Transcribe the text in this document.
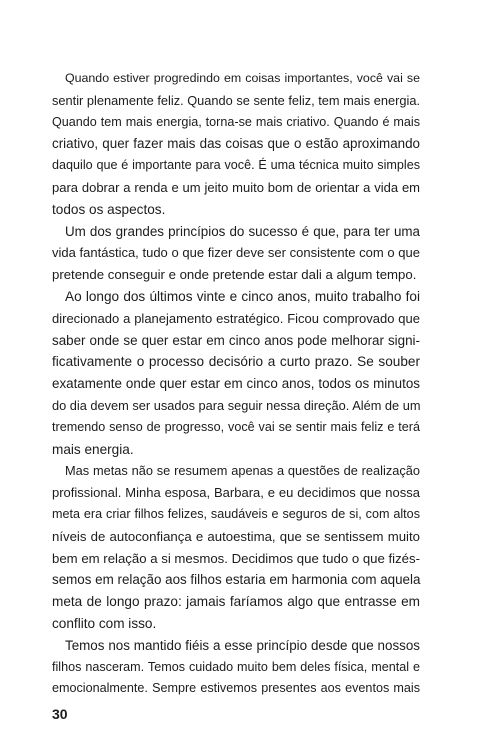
Quando estiver progredindo em coisas importantes, você vai se
sentir plenamente feliz. Quando se sente feliz, tem mais energia.
Quando tem mais energia, torna-se mais criativo. Quando é mais
criativo, quer fazer mais das coisas que o estão aproximando
daquilo que é importante para você. É uma técnica muito simples
para dobrar a renda e um jeito muito bom de orientar a vida em
todos os aspectos.
Um dos grandes princípios do sucesso é que, para ter uma
vida fantástica, tudo o que fizer deve ser consistente com o que
pretende conseguir e onde pretende estar dali a algum tempo.
Ao longo dos últimos vinte e cinco anos, muito trabalho foi
direcionado a planejamento estratégico. Ficou comprovado que
saber onde se quer estar em cinco anos pode melhorar signi-
ficativamente o processo decisório a curto prazo. Se souber
exatamente onde quer estar em cinco anos, todos os minutos
do dia devem ser usados para seguir nessa direção. Além de um
tremendo senso de progresso, você vai se sentir mais feliz e terá
mais energia.
Mas metas não se resumem apenas a questões de realização
profissional. Minha esposa, Barbara, e eu decidimos que nossa
meta era criar filhos felizes, saudáveis e seguros de si, com altos
níveis de autoconfiança e autoestima, que se sentissem muito
bem em relação a si mesmos. Decidimos que tudo o que fizés-
semos em relação aos filhos estaria em harmonia com aquela
meta de longo prazo: jamais faríamos algo que entrasse em
conflito com isso.
Temos nos mantido fiéis a esse princípio desde que nossos
filhos nasceram. Temos cuidado muito bem deles física, mental e
emocionalmente. Sempre estivemos presentes aos eventos mais
30
